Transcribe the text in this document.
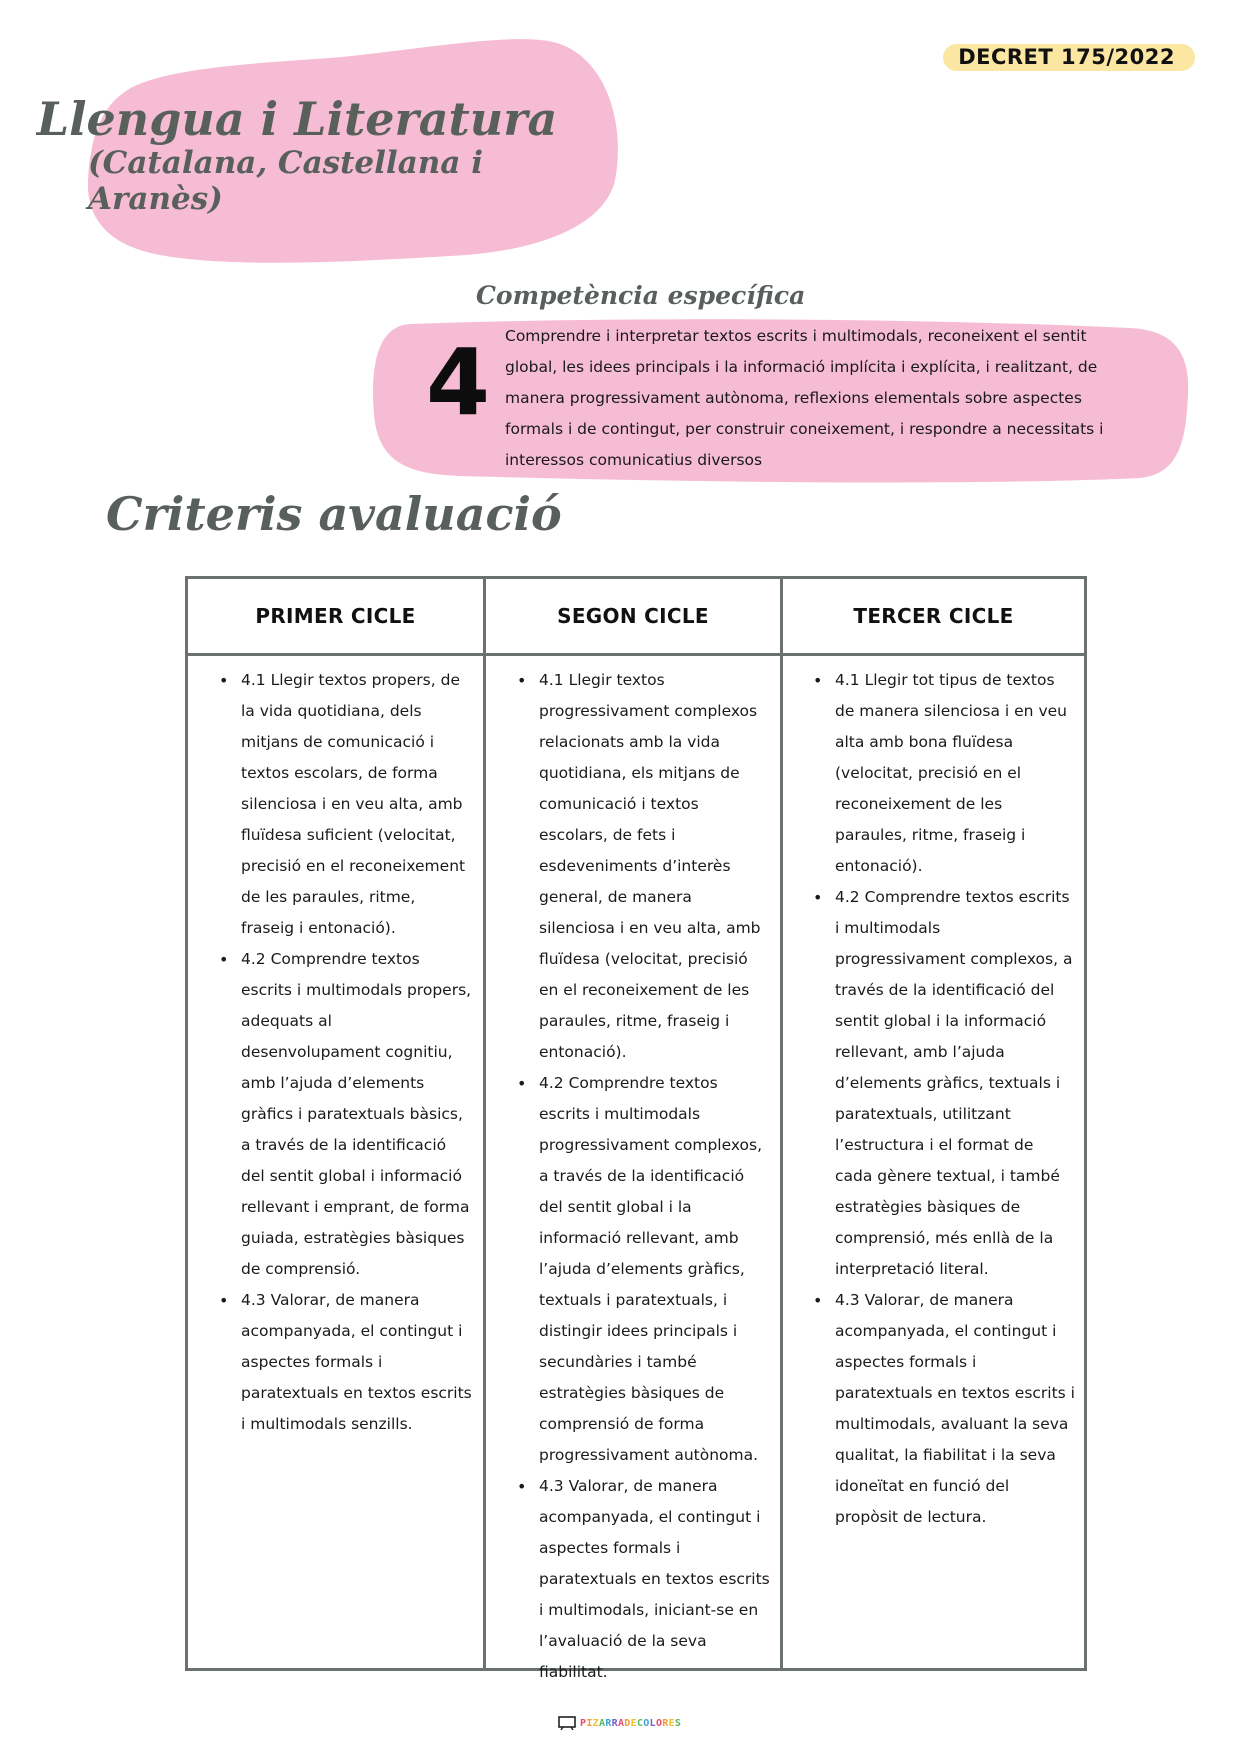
DECRET 175/2022
Llengua i Literatura
(Catalana, Castellana i Aranès)
Competència específica
4 Comprendre i interpretar textos escrits i multimodals, reconeixent el sentit global, les idees principals i la informació implícita i explícita, i realitzant, de manera progressivament autònoma, reflexions elementals sobre aspectes formals i de contingut, per construir coneixement, i respondre a necessitats i interessos comunicatius diversos
Criteris avaluació
PRIMER CICLE
• 4.1 Llegir textos propers, de la vida quotidiana, dels mitjans de comunicació i textos escolars, de forma silenciosa i en veu alta, amb fluïdesa suficient (velocitat, precisió en el reconeixement de les paraules, ritme, fraseig i entonació).
• 4.2 Comprendre textos escrits i multimodals propers, adequats al desenvolupament cognitiu, amb l’ajuda d’elements gràfics i paratextuals bàsics, a través de la identificació del sentit global i informació rellevant i emprant, de forma guiada, estratègies bàsiques de comprensió.
• 4.3 Valorar, de manera acompanyada, el contingut i aspectes formals i paratextuals en textos escrits i multimodals senzills.
SEGON CICLE
• 4.1 Llegir textos progressivament complexos relacionats amb la vida quotidiana, els mitjans de comunicació i textos escolars, de fets i esdeveniments d’interès general, de manera silenciosa i en veu alta, amb fluïdesa (velocitat, precisió en el reconeixement de les paraules, ritme, fraseig i entonació).
• 4.2 Comprendre textos escrits i multimodals progressivament complexos, a través de la identificació del sentit global i la informació rellevant, amb l’ajuda d’elements gràfics, textuals i paratextuals, i distingir idees principals i secundàries i també estratègies bàsiques de comprensió de forma progressivament autònoma.
• 4.3 Valorar, de manera acompanyada, el contingut i aspectes formals i paratextuals en textos escrits i multimodals, iniciant-se en l’avaluació de la seva fiabilitat.
TERCER CICLE
• 4.1 Llegir tot tipus de textos de manera silenciosa i en veu alta amb bona fluïdesa (velocitat, precisió en el reconeixement de les paraules, ritme, fraseig i entonació).
• 4.2 Comprendre textos escrits i multimodals progressivament complexos, a través de la identificació del sentit global i la informació rellevant, amb l’ajuda d’elements gràfics, textuals i paratextuals, utilitzant l’estructura i el format de cada gènere textual, i també estratègies bàsiques de comprensió, més enllà de la interpretació literal.
• 4.3 Valorar, de manera acompanyada, el contingut i aspectes formals i paratextuals en textos escrits i multimodals, avaluant la seva qualitat, la fiabilitat i la seva idoneïtat en funció del propòsit de lectura.
PIZARRADECOLORES
